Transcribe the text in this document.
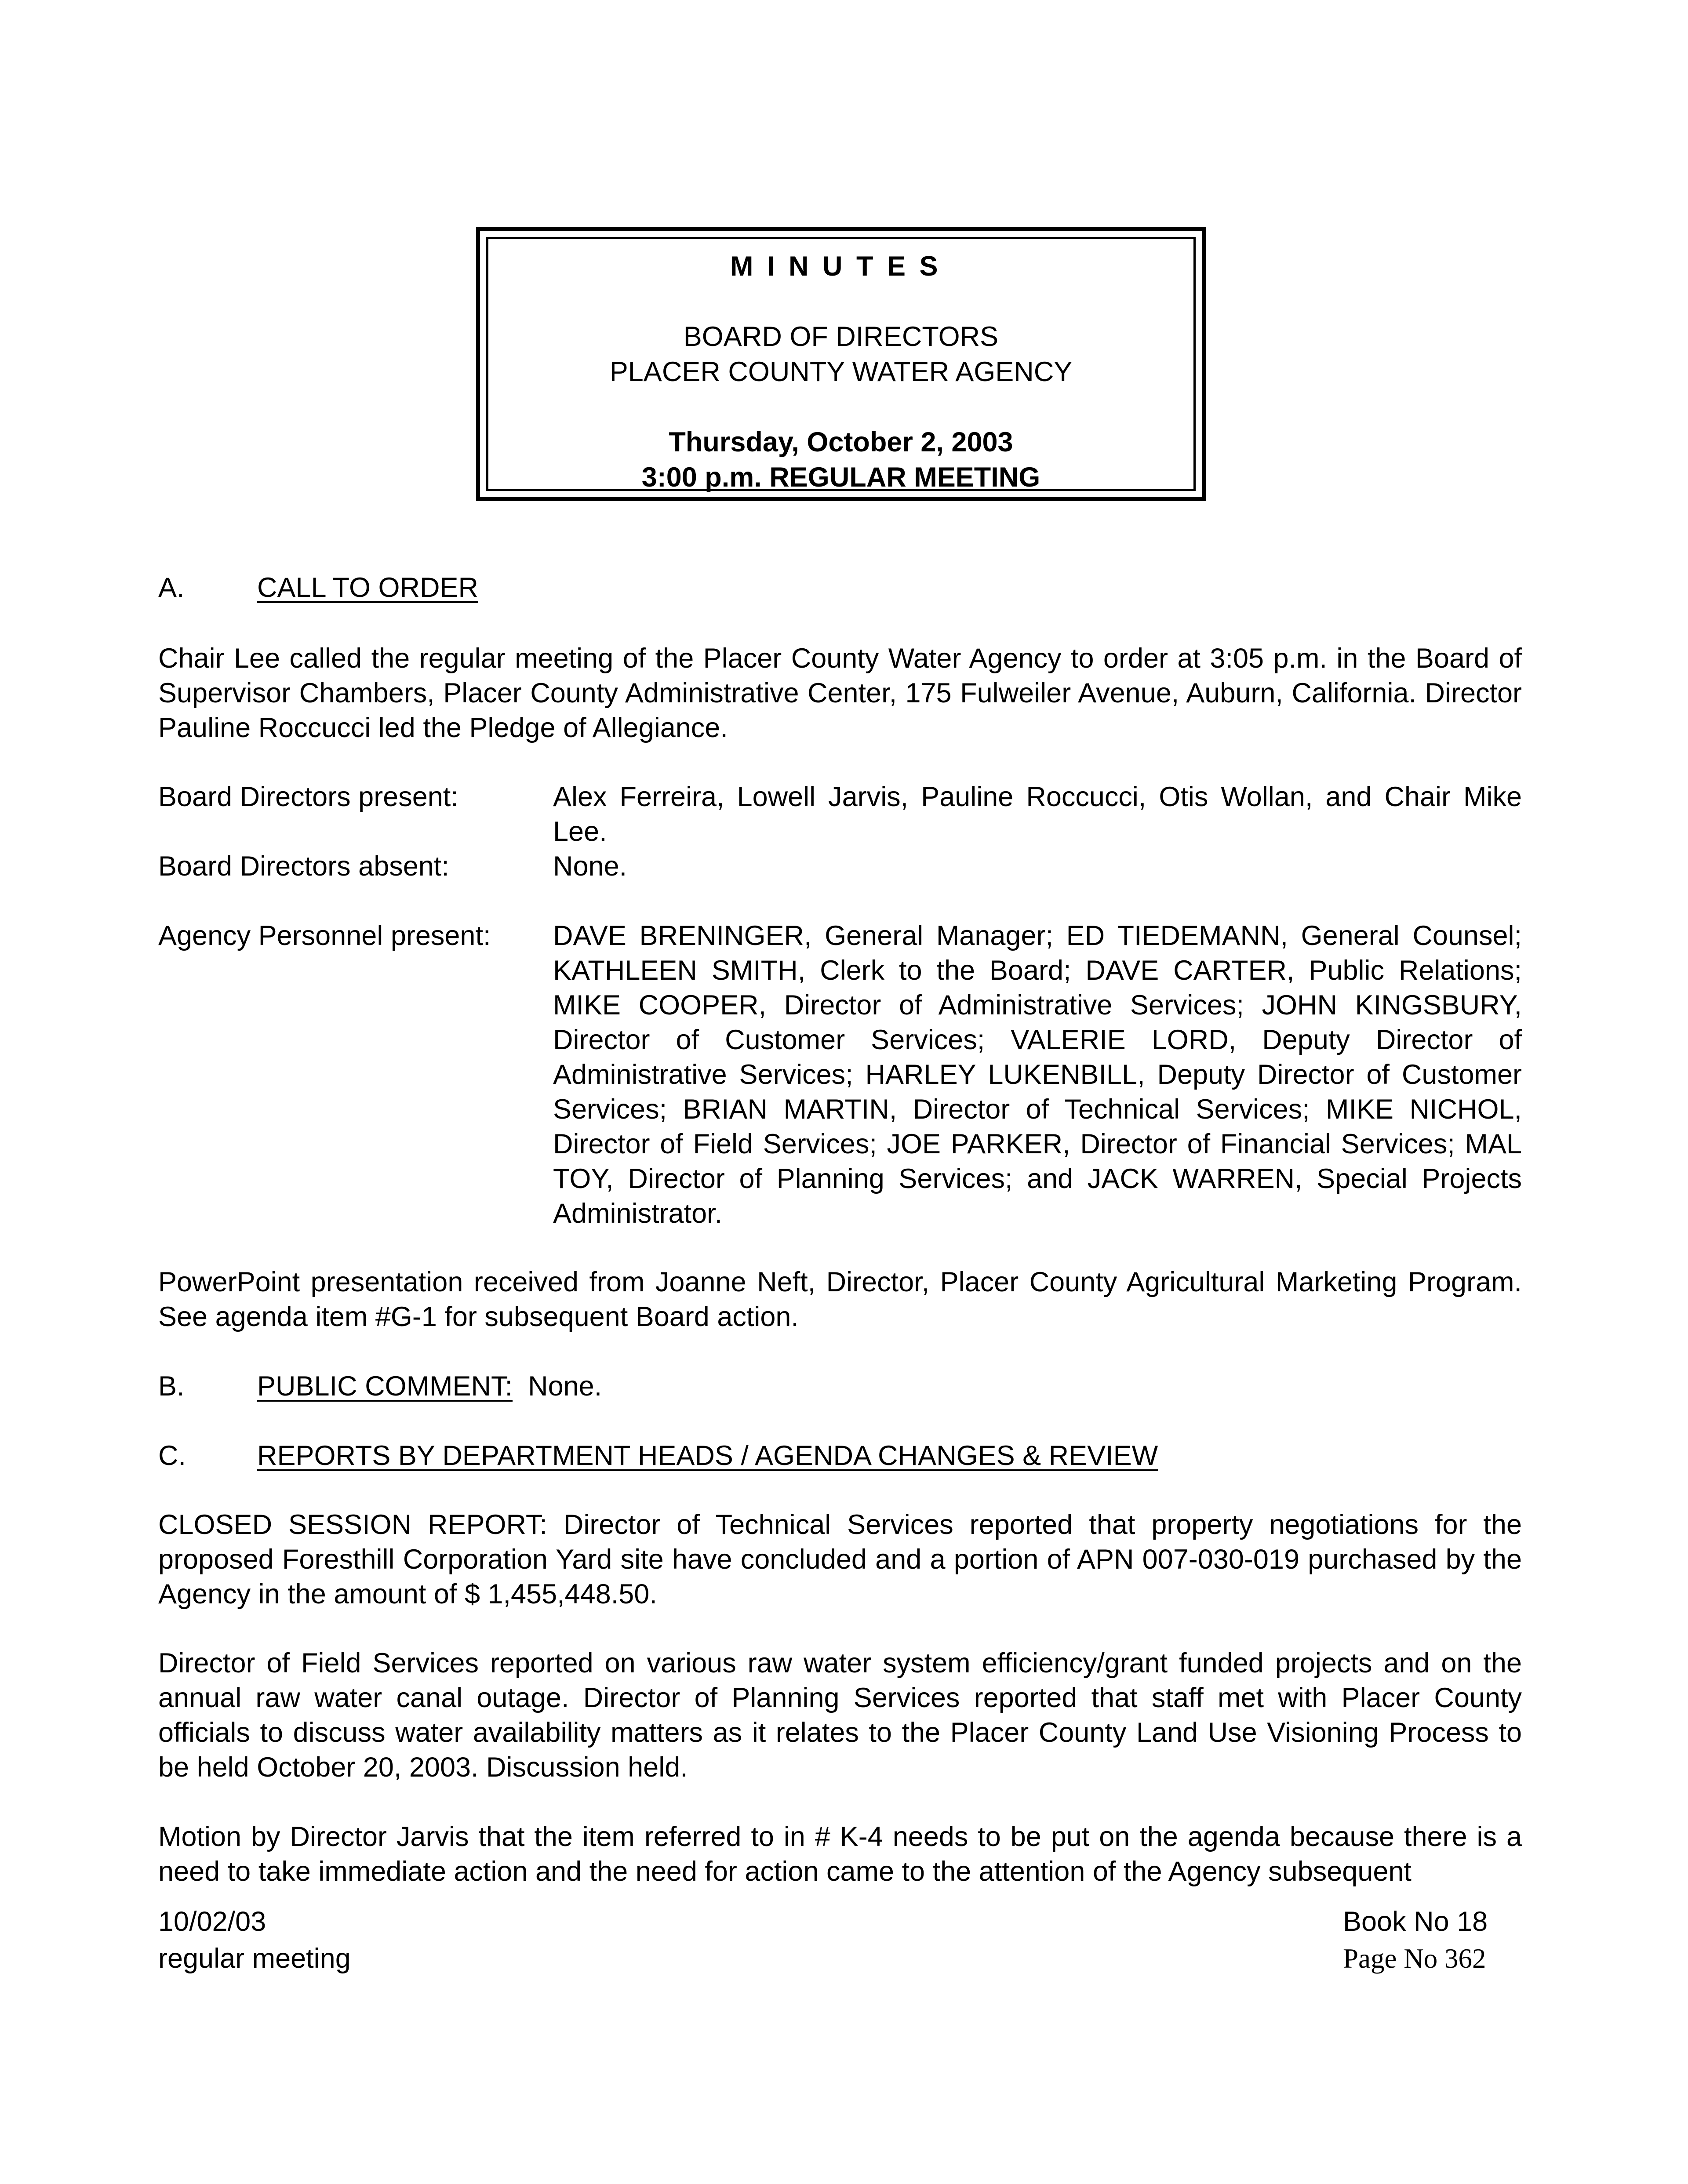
MINUTES
BOARD OF DIRECTORS
PLACER COUNTY WATER AGENCY
Thursday, October 2, 2003
3:00 p.m. REGULAR MEETING
A.	CALL TO ORDER
Chair Lee called the regular meeting of the Placer County Water Agency to order at 3:05 p.m. in the Board of Supervisor Chambers, Placer County Administrative Center, 175 Fulweiler Avenue, Auburn, California. Director Pauline Roccucci led the Pledge of Allegiance.
Board Directors present:	Alex Ferreira, Lowell Jarvis, Pauline Roccucci, Otis Wollan, and Chair Mike Lee.
Board Directors absent:	None.
Agency Personnel present: DAVE BRENINGER, General Manager; ED TIEDEMANN, General Counsel; KATHLEEN SMITH, Clerk to the Board; DAVE CARTER, Public Relations; MIKE COOPER, Director of Administrative Services; JOHN KINGSBURY, Director of Customer Services; VALERIE LORD, Deputy Director of Administrative Services; HARLEY LUKENBILL, Deputy Director of Customer Services; BRIAN MARTIN, Director of Technical Services; MIKE NICHOL, Director of Field Services; JOE PARKER, Director of Financial Services; MAL TOY, Director of Planning Services; and JACK WARREN, Special Projects Administrator.
PowerPoint presentation received from Joanne Neft, Director, Placer County Agricultural Marketing Program. See agenda item #G-1 for subsequent Board action.
B.	PUBLIC COMMENT: None.
C.	REPORTS BY DEPARTMENT HEADS / AGENDA CHANGES & REVIEW
CLOSED SESSION REPORT: Director of Technical Services reported that property negotiations for the proposed Foresthill Corporation Yard site have concluded and a portion of APN 007-030-019 purchased by the Agency in the amount of $ 1,455,448.50.
Director of Field Services reported on various raw water system efficiency/grant funded projects and on the annual raw water canal outage. Director of Planning Services reported that staff met with Placer County officials to discuss water availability matters as it relates to the Placer County Land Use Visioning Process to be held October 20, 2003. Discussion held.
Motion by Director Jarvis that the item referred to in # K-4 needs to be put on the agenda because there is a need to take immediate action and the need for action came to the attention of the Agency subsequent
10/02/03
regular meeting
Book No 18
Page No 362
